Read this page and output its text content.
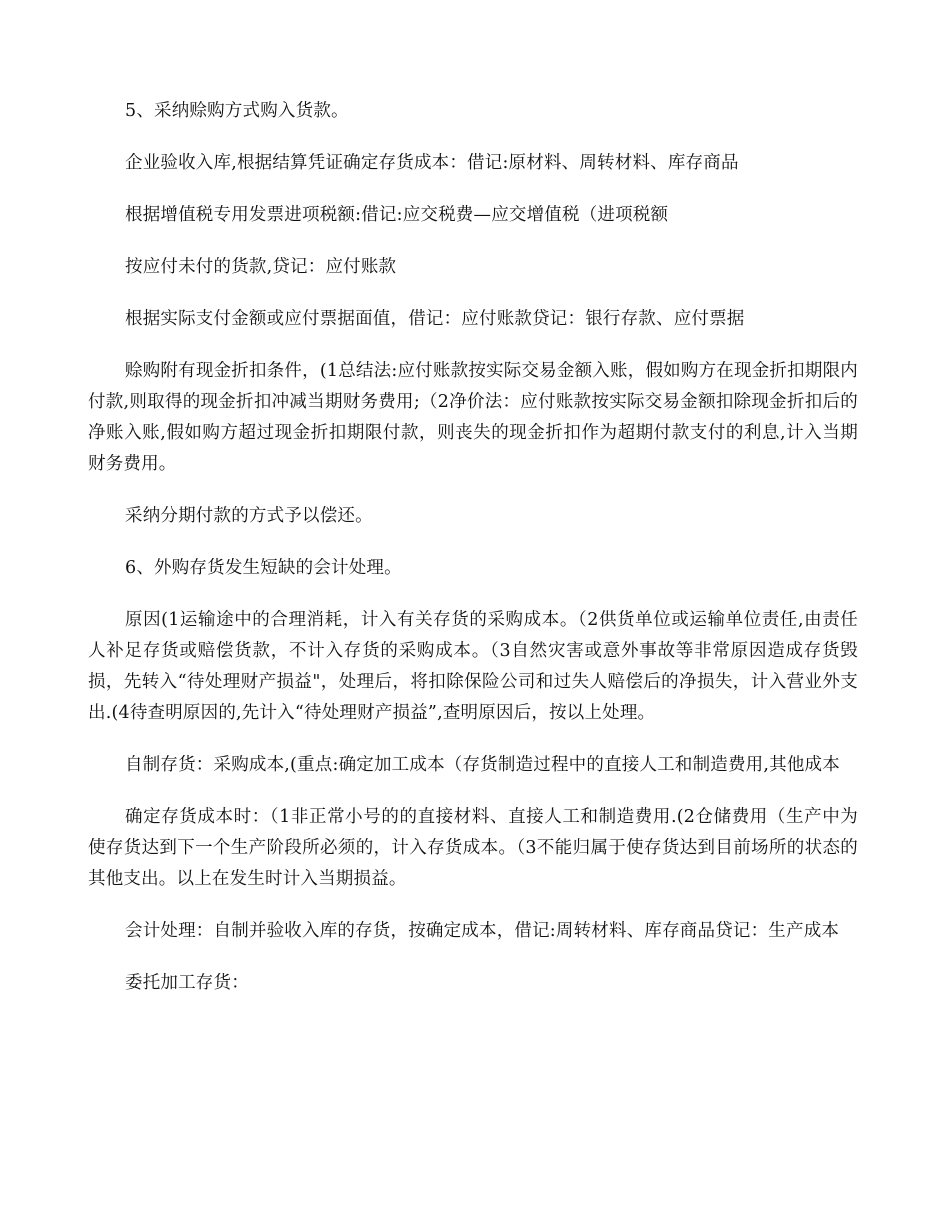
5、采纳赊购方式购入货款。

企业验收入库,根据结算凭证确定存货成本：借记:原材料、周转材料、库存商品

根据增值税专用发票进项税额:借记:应交税费—应交增值税（进项税额

按应付未付的货款,贷记：应付账款

根据实际支付金额或应付票据面值，借记：应付账款贷记：银行存款、应付票据

赊购附有现金折扣条件，(1总结法:应付账款按实际交易金额入账，假如购方在现金折扣期限内付款,则取得的现金折扣冲减当期财务费用;（2净价法：应付账款按实际交易金额扣除现金折扣后的净账入账,假如购方超过现金折扣期限付款，则丧失的现金折扣作为超期付款支付的利息,计入当期财务费用。

采纳分期付款的方式予以偿还。

6、外购存货发生短缺的会计处理。

原因(1运输途中的合理消耗，计入有关存货的采购成本。（2供货单位或运输单位责任,由责任人补足存货或赔偿货款，不计入存货的采购成本。（3自然灾害或意外事故等非常原因造成存货毁损，先转入“待处理财产损益"，处理后，将扣除保险公司和过失人赔偿后的净损失，计入营业外支出.(4待查明原因的,先计入“待处理财产损益”,查明原因后，按以上处理。

自制存货：采购成本,(重点:确定加工成本（存货制造过程中的直接人工和制造费用,其他成本

确定存货成本时：（1非正常小号的的直接材料、直接人工和制造费用.(2仓储费用（生产中为使存货达到下一个生产阶段所必须的，计入存货成本。（3不能归属于使存货达到目前场所的状态的其他支出。以上在发生时计入当期损益。

会计处理：自制并验收入库的存货，按确定成本，借记:周转材料、库存商品贷记：生产成本

委托加工存货：
